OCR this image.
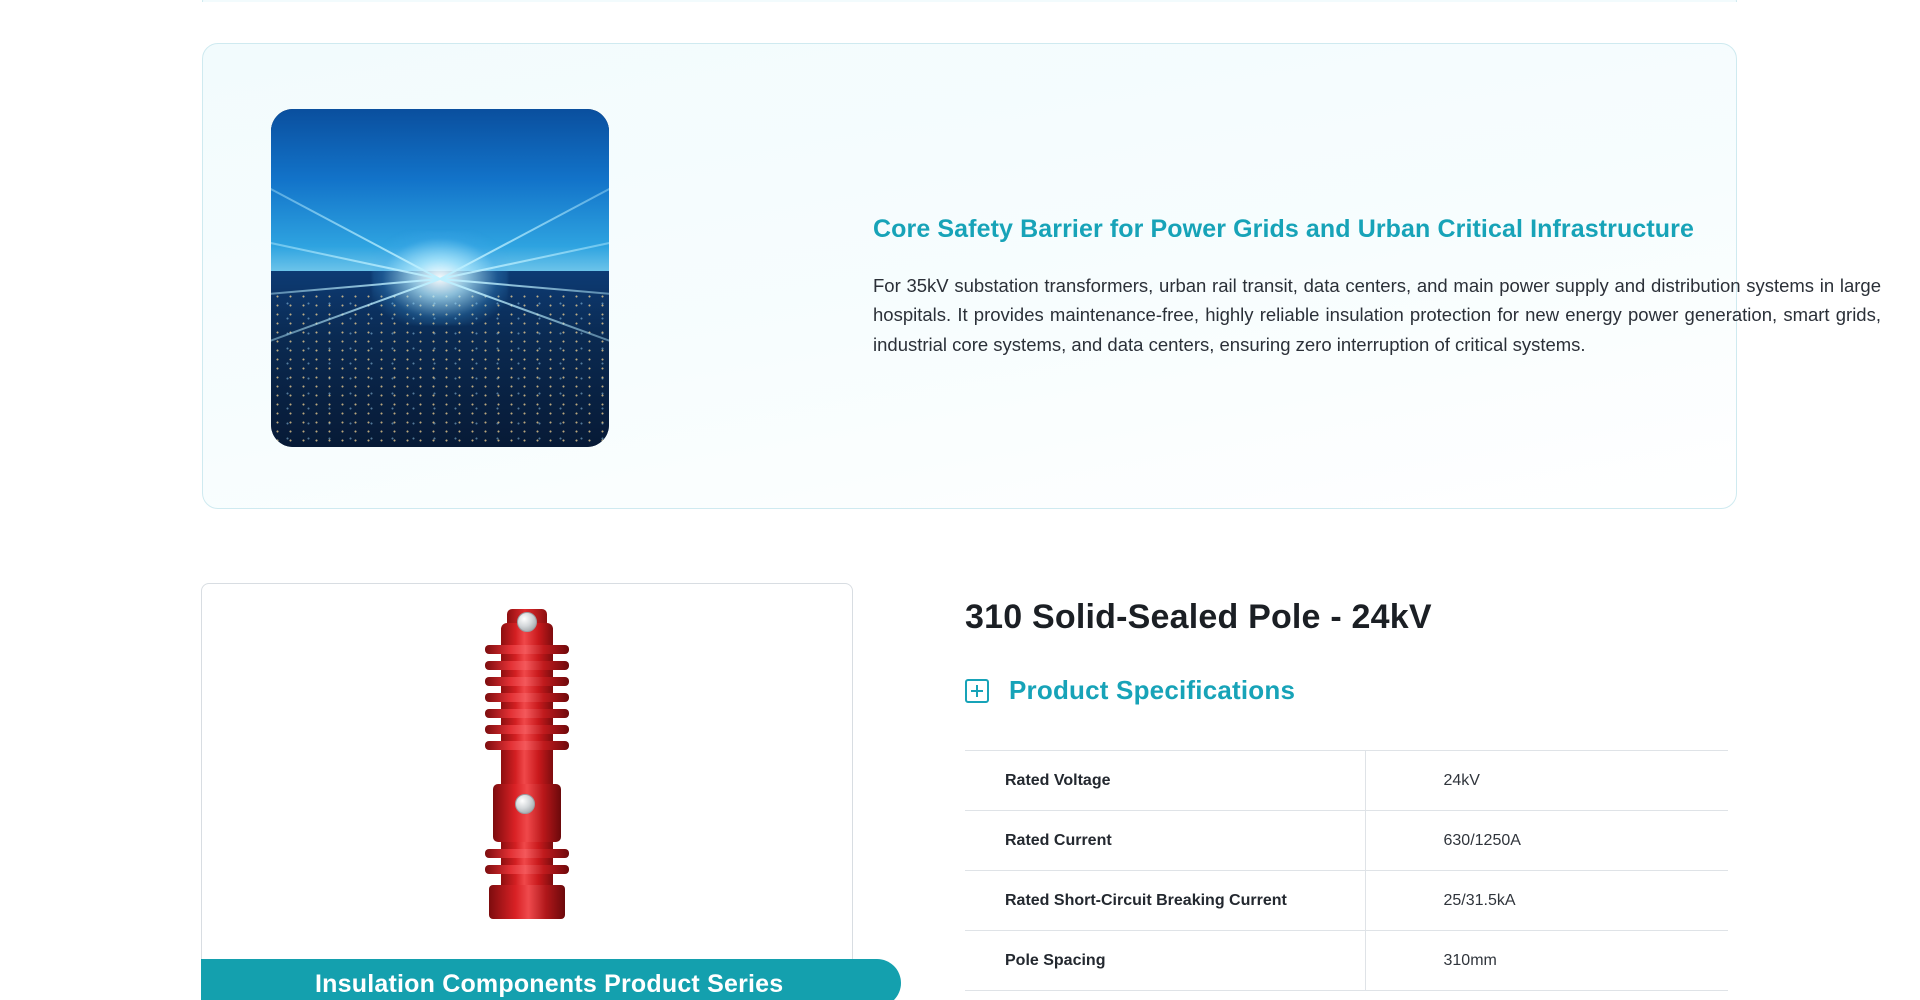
Core Safety Barrier for Power Grids and Urban Critical Infrastructure

For 35kV substation transformers, urban rail transit, data centers, and main power supply and distribution systems in large hospitals. It provides maintenance-free, highly reliable insulation protection for new energy power generation, smart grids, industrial core systems, and data centers, ensuring zero interruption of critical systems.

Insulation Components Product Series
310 Solid-Sealed Pole - 24kV
Product Specifications
Rated Voltage	24kV
Rated Current	630/1250A
Rated Short-Circuit Breaking Current	25/31.5kA
Pole Spacing	310mm
